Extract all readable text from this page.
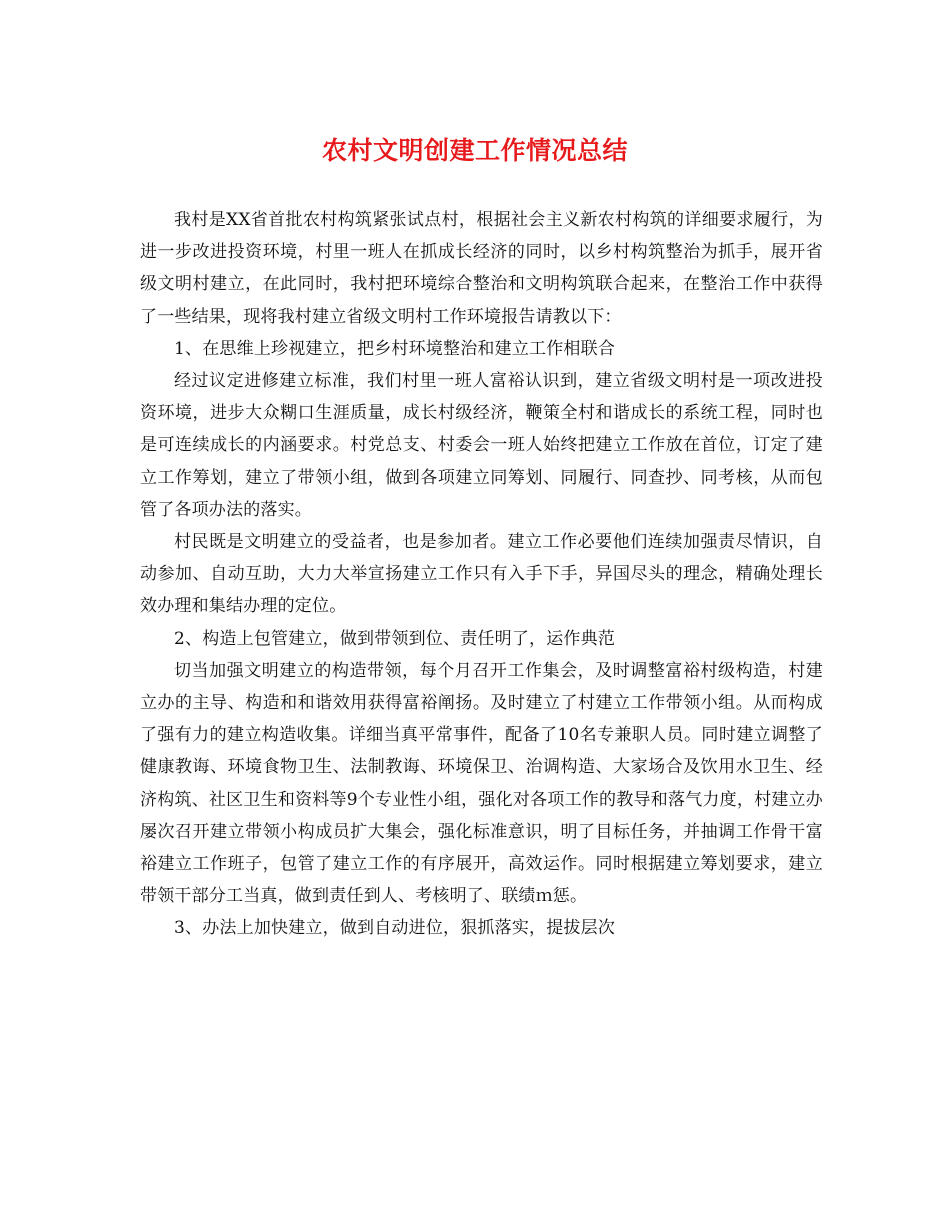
农村文明创建工作情况总结

我村是XX省首批农村构筑紧张试点村，根据社会主义新农村构筑的详细要求履行，为进一步改进投资环境，村里一班人在抓成长经济的同时，以乡村构筑整治为抓手，展开省级文明村建立，在此同时，我村把环境综合整治和文明构筑联合起来，在整治工作中获得了一些结果，现将我村建立省级文明村工作环境报告请教以下：

1、在思维上珍视建立，把乡村环境整治和建立工作相联合

经过议定进修建立标准，我们村里一班人富裕认识到，建立省级文明村是一项改进投资环境，进步大众糊口生涯质量，成长村级经济，鞭策全村和谐成长的系统工程，同时也是可连续成长的内涵要求。村党总支、村委会一班人始终把建立工作放在首位，订定了建立工作筹划，建立了带领小组，做到各项建立同筹划、同履行、同查抄、同考核，从而包管了各项办法的落实。

村民既是文明建立的受益者，也是参加者。建立工作必要他们连续加强责尽情识，自动参加、自动互助，大力大举宣扬建立工作只有入手下手，异国尽头的理念，精确处理长效办理和集结办理的定位。

2、构造上包管建立，做到带领到位、责任明了，运作典范

切当加强文明建立的构造带领，每个月召开工作集会，及时调整富裕村级构造，村建立办的主导、构造和和谐效用获得富裕阐扬。及时建立了村建立工作带领小组。从而构成了强有力的建立构造收集。详细当真平常事件，配备了10名专兼职人员。同时建立调整了健康教诲、环境食物卫生、法制教诲、环境保卫、治调构造、大家场合及饮用水卫生、经济构筑、社区卫生和资料等9个专业性小组，强化对各项工作的教导和落气力度，村建立办屡次召开建立带领小构成员扩大集会，强化标准意识，明了目标任务，并抽调工作骨干富裕建立工作班子，包管了建立工作的有序展开，高效运作。同时根据建立筹划要求，建立带领干部分工当真，做到责任到人、考核明了、联绩ｍ惩。

3、办法上加快建立，做到自动进位，狠抓落实，提拔层次
